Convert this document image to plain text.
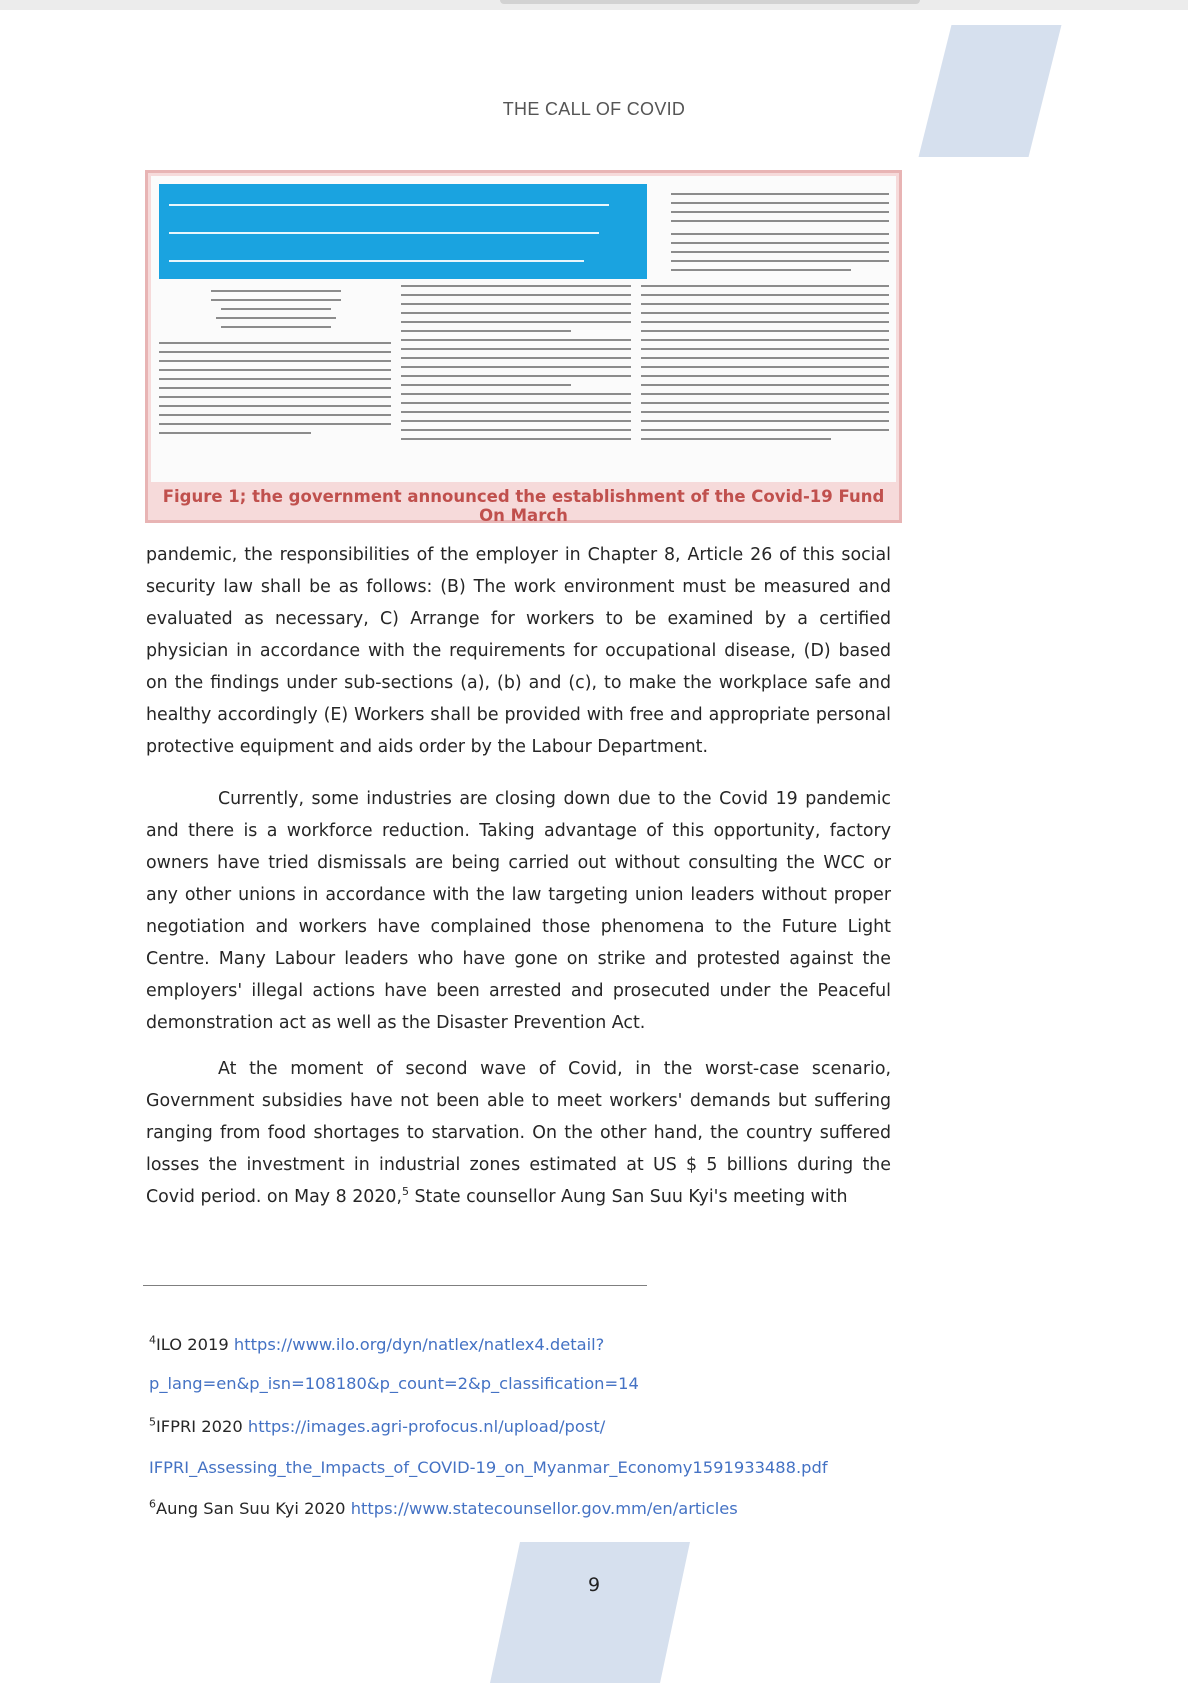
THE CALL OF COVID
Figure 1; the government announced the establishment of the Covid-19 Fund On March

pandemic, the responsibilities of the employer in Chapter 8, Article 26 of this social security law shall be as follows: (B) The work environment must be measured and evaluated as necessary, C) Arrange for workers to be examined by a certified physician in accordance with the requirements for occupational disease, (D) based on the findings under sub-sections (a), (b) and (c), to make the workplace safe and healthy accordingly (E) Workers shall be provided with free and appropriate personal protective equipment and aids order by the Labour Department.

Currently, some industries are closing down due to the Covid 19 pandemic and there is a workforce reduction. Taking advantage of this opportunity, factory owners have tried dismissals are being carried out without consulting the WCC or any other unions in accordance with the law targeting union leaders without proper negotiation and workers have complained those phenomena to the Future Light Centre. Many Labour leaders who have gone on strike and protested against the employers' illegal actions have been arrested and prosecuted under the Peaceful demonstration act as well as the Disaster Prevention Act.

At the moment of second wave of Covid, in the worst-case scenario, Government subsidies have not been able to meet workers' demands but suffering ranging from food shortages to starvation. On the other hand, the country suffered losses the investment in industrial zones estimated at US $ 5 billions during the Covid period. on May 8 2020,$^5$ State counsellor Aung San Suu Kyi's meeting with

$^4$ILO 2019 https://www.ilo.org/dyn/natlex/natlex4.detail?
p_lang=en&p_isn=108180&p_count=2&p_classification=14
$^5$IFPRI 2020 https://images.agri-profocus.nl/upload/post/
IFPRI_Assessing_the_Impacts_of_COVID-19_on_Myanmar_Economy1591933488.pdf
$^6$Aung San Suu Kyi 2020 https://www.statecounsellor.gov.mm/en/articles
9
